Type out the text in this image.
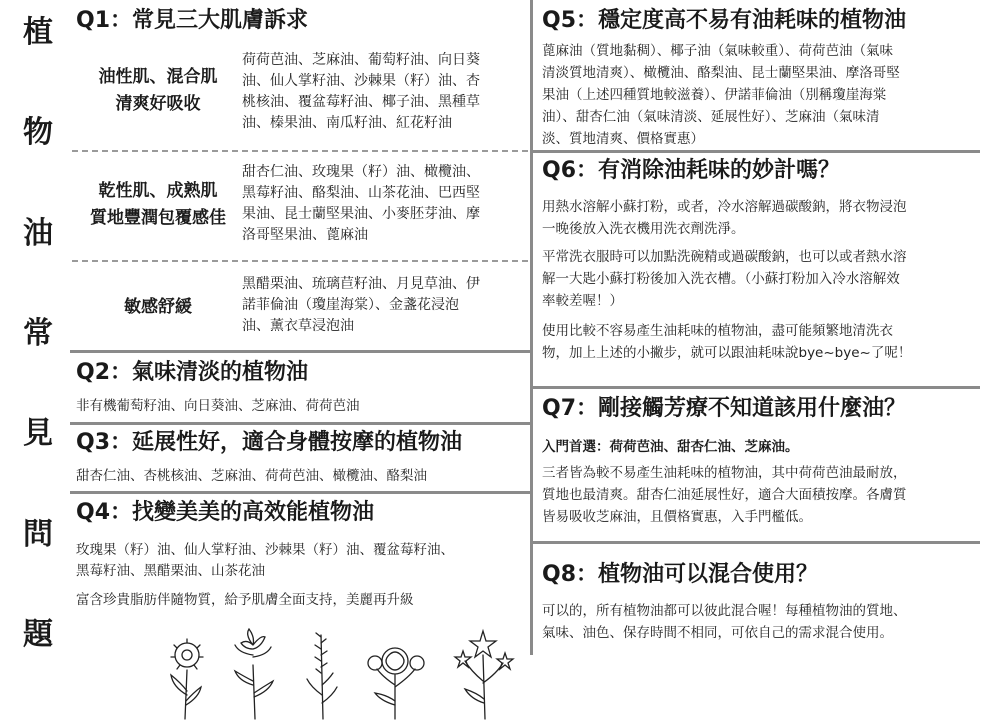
植
物
油
常
見
問
題
Q1：常見三大肌膚訴求
油性肌、混合肌
清爽好吸收
荷荷芭油、芝麻油、葡萄籽油、向日葵
油、仙人掌籽油、沙棘果（籽）油、杏
桃核油、覆盆莓籽油、椰子油、黑種草
油、榛果油、南瓜籽油、紅花籽油
乾性肌、成熟肌
質地豐潤包覆感佳
甜杏仁油、玫瑰果（籽）油、橄欖油、
黑莓籽油、酪梨油、山茶花油、巴西堅
果油、昆士蘭堅果油、小麥胚芽油、摩
洛哥堅果油、蓖麻油
敏感舒緩
黑醋栗油、琉璃苣籽油、月見草油、伊
諾菲倫油（瓊崖海棠）、金盞花浸泡
油、薰衣草浸泡油
Q2：氣味清淡的植物油
非有機葡萄籽油、向日葵油、芝麻油、荷荷芭油
Q3：延展性好，適合身體按摩的植物油
甜杏仁油、杏桃核油、芝麻油、荷荷芭油、橄欖油、酪梨油
Q4：找變美美的高效能植物油
玫瑰果（籽）油、仙人掌籽油、沙棘果（籽）油、覆盆莓籽油、
黑莓籽油、黑醋栗油、山茶花油
富含珍貴脂肪伴隨物質，給予肌膚全面支持，美麗再升級
Q5：穩定度高不易有油耗味的植物油
蓖麻油（質地黏稠）、椰子油（氣味較重）、荷荷芭油（氣味
清淡質地清爽）、橄欖油、酪梨油、昆士蘭堅果油、摩洛哥堅
果油（上述四種質地較滋養）、伊諾菲倫油（別稱瓊崖海棠
油）、甜杏仁油（氣味清淡、延展性好）、芝麻油（氣味清
淡、質地清爽、價格實惠）
Q6：有消除油耗味的妙計嗎？
用熱水溶解小蘇打粉，或者，冷水溶解過碳酸鈉，將衣物浸泡
一晚後放入洗衣機用洗衣劑洗淨。
平常洗衣服時可以加點洗碗精或過碳酸鈉，也可以或者熱水溶
解一大匙小蘇打粉後加入洗衣槽。（小蘇打粉加入冷水溶解效
率較差喔！）
使用比較不容易產生油耗味的植物油，盡可能頻繁地清洗衣
物，加上上述的小撇步，就可以跟油耗味說bye~bye~了呢！
Q7：剛接觸芳療不知道該用什麼油？
入門首選：荷荷芭油、甜杏仁油、芝麻油。
三者皆為較不易產生油耗味的植物油，其中荷荷芭油最耐放，
質地也最清爽。甜杏仁油延展性好，適合大面積按摩。各膚質
皆易吸收芝麻油，且價格實惠，入手門檻低。
Q8：植物油可以混合使用？
可以的，所有植物油都可以彼此混合喔！每種植物油的質地、
氣味、油色、保存時間不相同，可依自己的需求混合使用。
